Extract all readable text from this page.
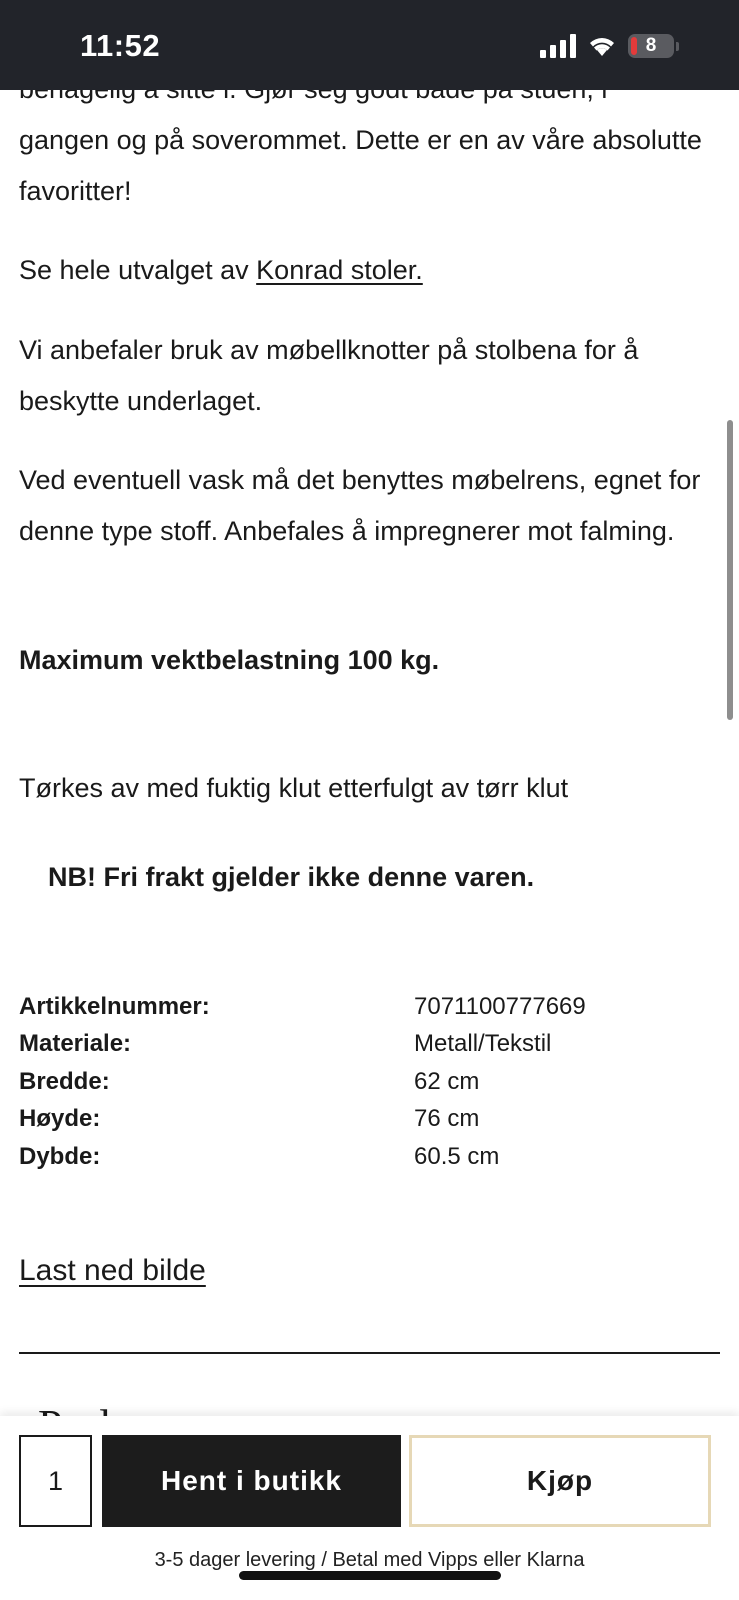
11:52	8

gangen og på soverommet. Dette er en av våre absolutte favoritter!

Se hele utvalget av Konrad stoler.

Vi anbefaler bruk av møbellknotter på stolbena for å beskytte underlaget.

Ved eventuell vask må det benyttes møbelrens, egnet for denne type stoff. Anbefales å impregnerer mot falming.

Maximum vektbelastning 100 kg.

Tørkes av med fuktig klut etterfulgt av tørr klut

NB! Fri frakt gjelder ikke denne varen.

Artikkelnummer:	7071100777669
Materiale:	Metall/Tekstil
Bredde:	62 cm
Høyde:	76 cm
Dybde:	60.5 cm
Last ned bilde
1	Hent i butikk	Kjøp
3-5 dager levering / Betal med Vipps eller Klarna
